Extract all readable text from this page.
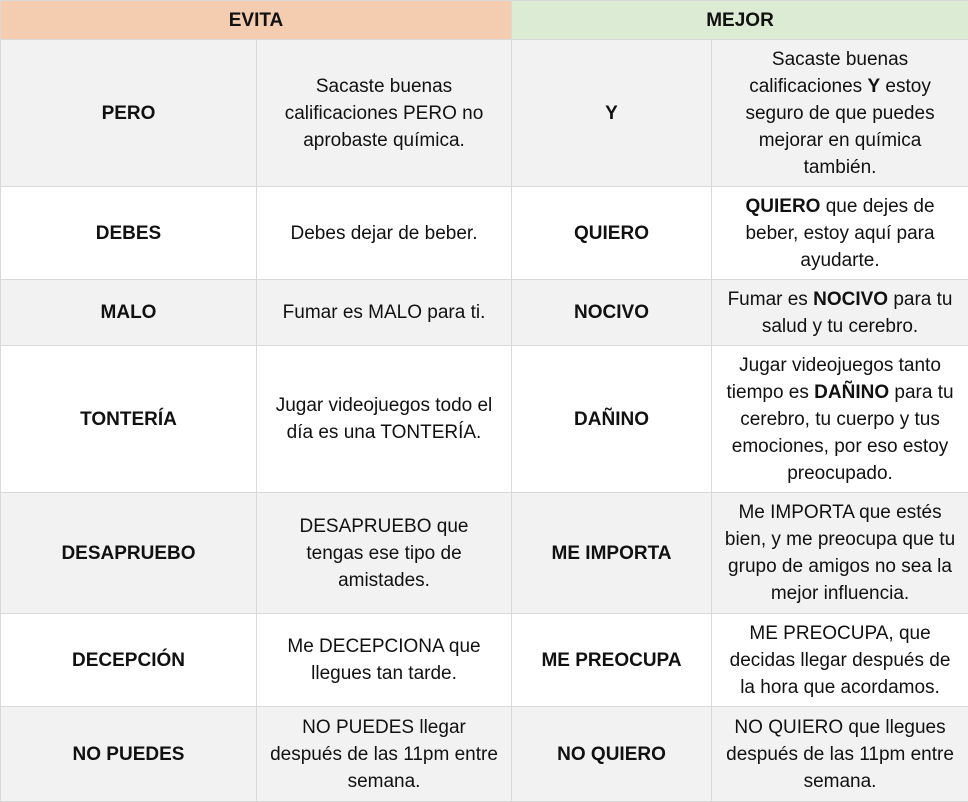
EVITA		MEJOR	
PERO	Sacaste buenas calificaciones PERO no aprobaste química.	Y	Sacaste buenas calificaciones Y estoy seguro de que puedes mejorar en química también.
DEBES	Debes dejar de beber.	QUIERO	QUIERO que dejes de beber, estoy aquí para ayudarte.
MALO	Fumar es MALO para ti.	NOCIVO	Fumar es NOCIVO para tu salud y tu cerebro.
TONTERÍA	Jugar videojuegos todo el día es una TONTERÍA.	DAÑINO	Jugar videojuegos tanto tiempo es DAÑINO para tu cerebro, tu cuerpo y tus emociones, por eso estoy preocupado.
DESAPRUEBO	DESAPRUEBO que tengas ese tipo de amistades.	ME IMPORTA	Me IMPORTA que estés bien, y me preocupa que tu grupo de amigos no sea la mejor influencia.
DECEPCIÓN	Me DECEPCIONA que llegues tan tarde.	ME PREOCUPA	ME PREOCUPA, que decidas llegar después de la hora que acordamos.
NO PUEDES	NO PUEDES llegar después de las 11pm entre semana.	NO QUIERO	NO QUIERO que llegues después de las 11pm entre semana.
